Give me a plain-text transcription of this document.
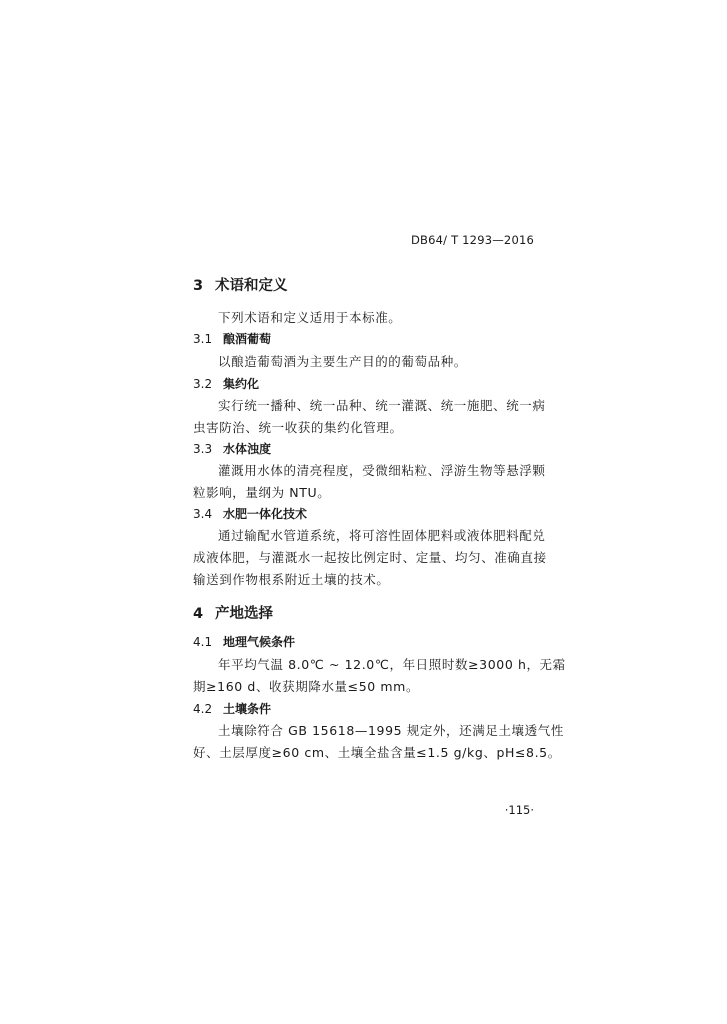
DB64/ T 1293—2016
3 术语和定义
下列术语和定义适用于本标准。
3.1 酿酒葡萄
以酿造葡萄酒为主要生产目的的葡萄品种。
3.2 集约化
实行统一播种、统一品种、统一灌溉、统一施肥、统一病
虫害防治、统一收获的集约化管理。
3.3 水体浊度
灌溉用水体的清亮程度，受微细粘粒、浮游生物等悬浮颗
粒影响，量纲为 NTU。
3.4 水肥一体化技术
通过输配水管道系统，将可溶性固体肥料或液体肥料配兑
成液体肥，与灌溉水一起按比例定时、定量、均匀、准确直接
输送到作物根系附近土壤的技术。
4 产地选择
4.1 地理气候条件
年平均气温 8.0℃ ~ 12.0℃，年日照时数≥3000 h，无霜
期≥160 d、收获期降水量≤50 mm。
4.2 土壤条件
土壤除符合 GB 15618—1995 规定外，还满足土壤透气性
好、土层厚度≥60 cm、土壤全盐含量≤1.5 g/kg、pH≤8.5。
·115·
